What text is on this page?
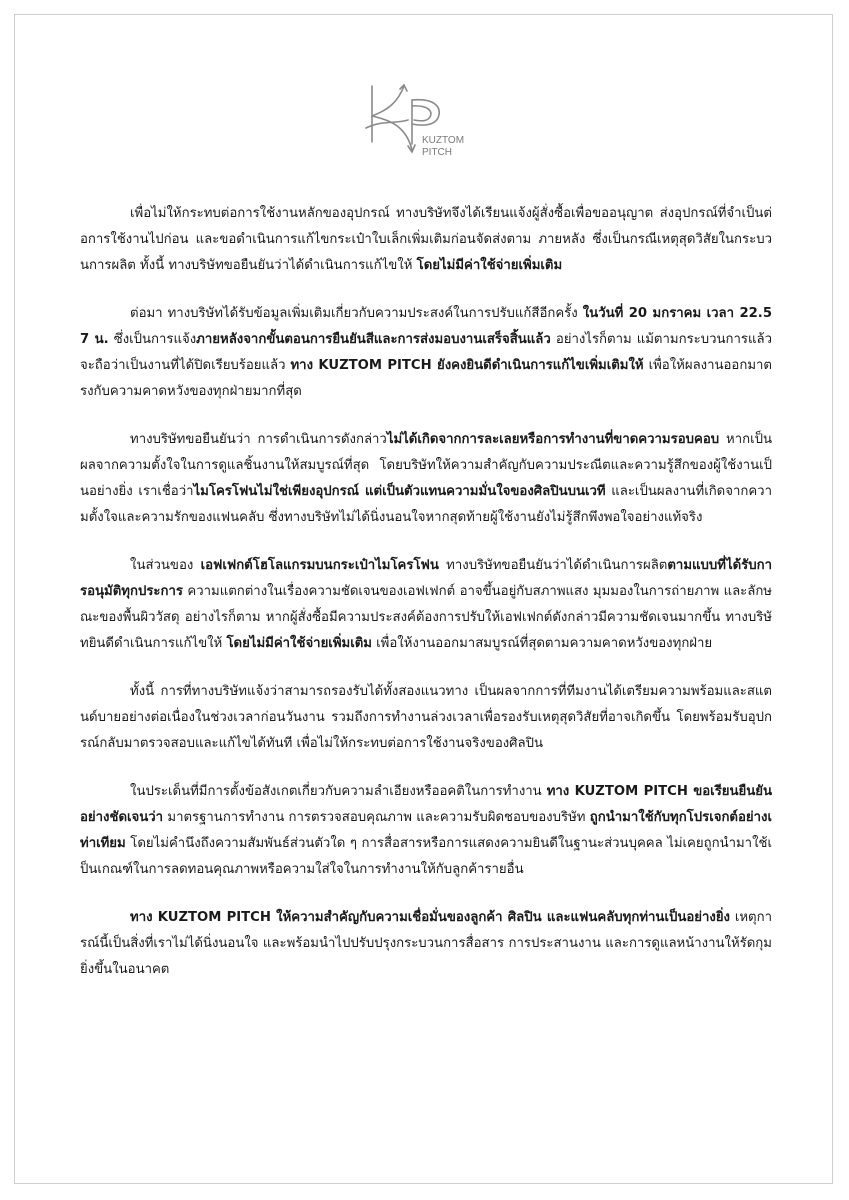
KUZTOM
PITCH

เพื่อไม่ให้กระทบต่อการใช้งานหลักของอุปกรณ์ ทางบริษัทจึงได้เรียนแจ้งผู้สั่งซื้อเพื่อขออนุญาต ส่งอุปกรณ์ที่จำเป็นต่อการใช้งานไปก่อน และขอดำเนินการแก้ไขกระเป๋าใบเล็กเพิ่มเติมก่อนจัดส่งตาม ภายหลัง ซึ่งเป็นกรณีเหตุสุดวิสัยในกระบวนการผลิต ทั้งนี้ ทางบริษัทขอยืนยันว่าได้ดำเนินการแก้ไขให้ โดยไม่มีค่าใช้จ่ายเพิ่มเติม

ต่อมา ทางบริษัทได้รับข้อมูลเพิ่มเติมเกี่ยวกับความประสงค์ในการปรับแก้สีอีกครั้ง ในวันที่ 20 มกราคม เวลา 22.57 น. ซึ่งเป็นการแจ้งภายหลังจากขั้นตอนการยืนยันสีและการส่งมอบงานเสร็จสิ้นแล้ว อย่างไรก็ตาม แม้ตามกระบวนการแล้วจะถือว่าเป็นงานที่ได้ปิดเรียบร้อยแล้ว ทาง KUZTOM PITCH ยังคงยินดีดำเนินการแก้ไขเพิ่มเติมให้ เพื่อให้ผลงานออกมาตรงกับความคาดหวังของทุกฝ่ายมากที่สุด

ทางบริษัทขอยืนยันว่า การดำเนินการดังกล่าวไม่ได้เกิดจากการละเลยหรือการทำงานที่ขาดความรอบคอบ หากเป็นผลจากความตั้งใจในการดูแลชิ้นงานให้สมบูรณ์ที่สุด โดยบริษัทให้ความสำคัญกับความประณีตและความรู้สึกของผู้ใช้งานเป็นอย่างยิ่ง เราเชื่อว่าไมโครโฟนไม่ใช่เพียงอุปกรณ์ แต่เป็นตัวแทนความมั่นใจของศิลปินบนเวที และเป็นผลงานที่เกิดจากความตั้งใจและความรักของแฟนคลับ ซึ่งทางบริษัทไม่ได้นิ่งนอนใจหากสุดท้ายผู้ใช้งานยังไม่รู้สึกพึงพอใจอย่างแท้จริง

ในส่วนของ เอฟเฟกต์โฮโลแกรมบนกระเป๋าไมโครโฟน ทางบริษัทขอยืนยันว่าได้ดำเนินการผลิตตามแบบที่ได้รับการอนุมัติทุกประการ ความแตกต่างในเรื่องความชัดเจนของเอฟเฟกต์ อาจขึ้นอยู่กับสภาพแสง มุมมองในการถ่ายภาพ และลักษณะของพื้นผิววัสดุ อย่างไรก็ตาม หากผู้สั่งซื้อมีความประสงค์ต้องการปรับให้เอฟเฟกต์ดังกล่าวมีความชัดเจนมากขึ้น ทางบริษัทยินดีดำเนินการแก้ไขให้ โดยไม่มีค่าใช้จ่ายเพิ่มเติม เพื่อให้งานออกมาสมบูรณ์ที่สุดตามความคาดหวังของทุกฝ่าย

ทั้งนี้ การที่ทางบริษัทแจ้งว่าสามารถรองรับได้ทั้งสองแนวทาง เป็นผลจากการที่ทีมงานได้เตรียมความพร้อมและสแตนด์บายอย่างต่อเนื่องในช่วงเวลาก่อนวันงาน รวมถึงการทำงานล่วงเวลาเพื่อรองรับเหตุสุดวิสัยที่อาจเกิดขึ้น โดยพร้อมรับอุปกรณ์กลับมาตรวจสอบและแก้ไขได้ทันที เพื่อไม่ให้กระทบต่อการใช้งานจริงของศิลปิน

ในประเด็นที่มีการตั้งข้อสังเกตเกี่ยวกับความลำเอียงหรืออคติในการทำงาน ทาง KUZTOM PITCH ขอเรียนยืนยันอย่างชัดเจนว่า มาตรฐานการทำงาน การตรวจสอบคุณภาพ และความรับผิดชอบของบริษัท ถูกนำมาใช้กับทุกโปรเจกต์อย่างเท่าเทียม โดยไม่คำนึงถึงความสัมพันธ์ส่วนตัวใด ๆ การสื่อสารหรือการแสดงความยินดีในฐานะส่วนบุคคล ไม่เคยถูกนำมาใช้เป็นเกณฑ์ในการลดทอนคุณภาพหรือความใส่ใจในการทำงานให้กับลูกค้ารายอื่น

ทาง KUZTOM PITCH ให้ความสำคัญกับความเชื่อมั่นของลูกค้า ศิลปิน และแฟนคลับทุกท่านเป็นอย่างยิ่ง เหตุการณ์นี้เป็นสิ่งที่เราไม่ได้นิ่งนอนใจ และพร้อมนำไปปรับปรุงกระบวนการสื่อสาร การประสานงาน และการดูแลหน้างานให้รัดกุมยิ่งขึ้นในอนาคต
